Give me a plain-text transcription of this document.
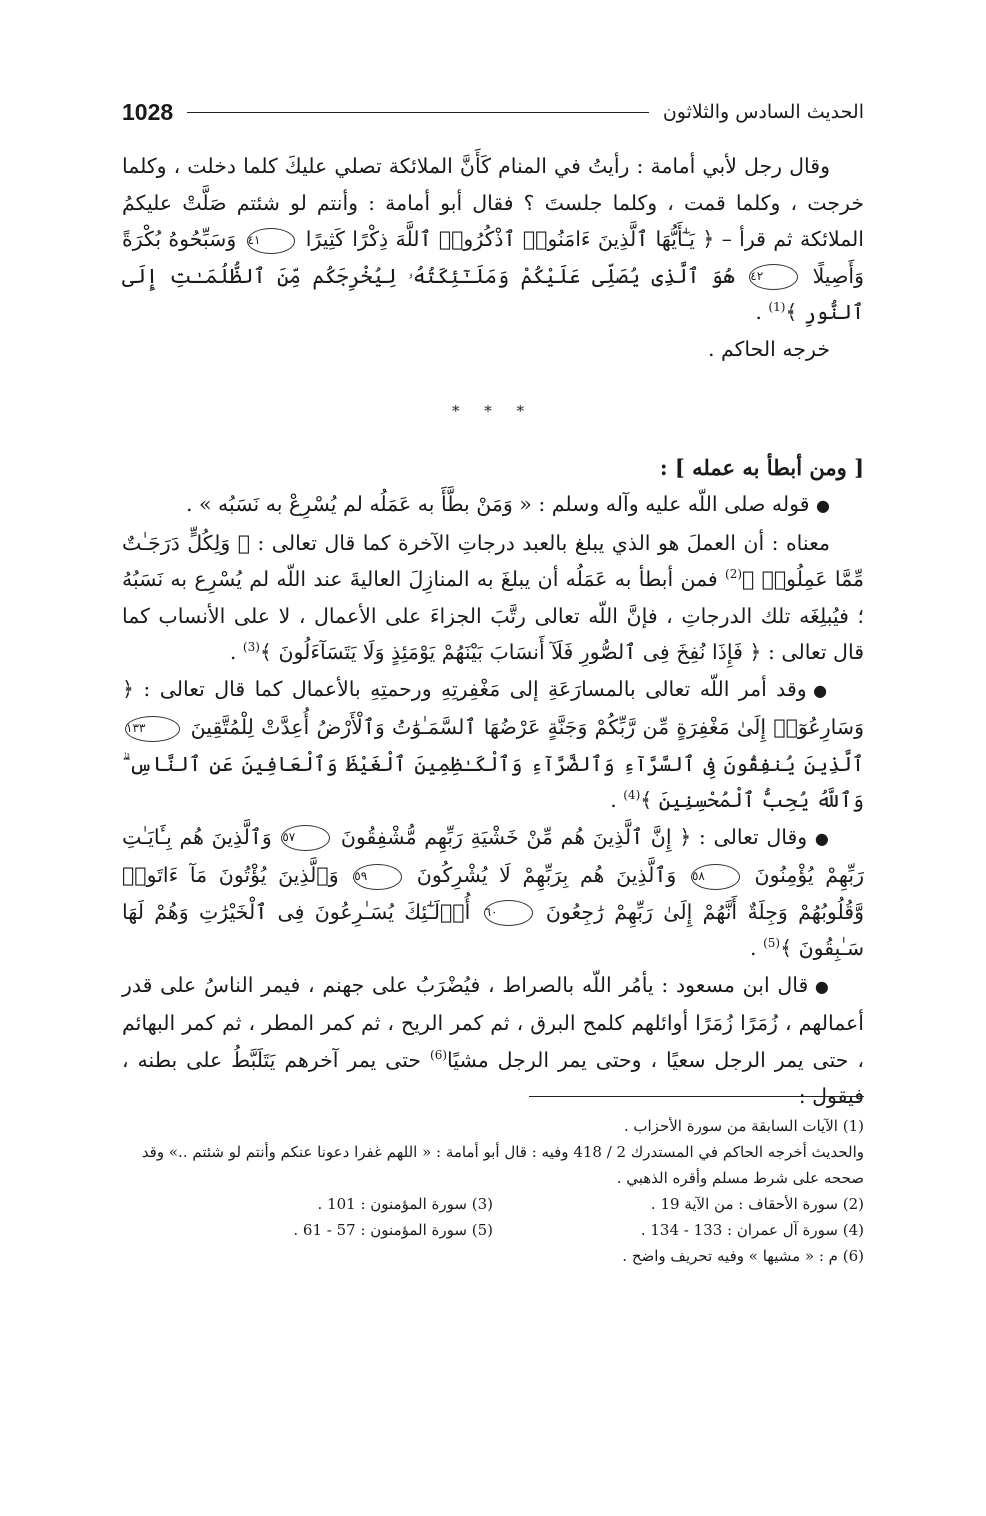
1028	الحديث السادس والثلاثون

وقال رجل لأبي أمامة : رأيتُ في المنام كَأَنَّ الملائكة تصلي عليكَ كلما دخلت ، وكلما خرجت ، وكلما قمت ، وكلما جلستَ ؟ فقال أبو أمامة : وأنتم لو شئتم صَلَّتْ عليكمُ الملائكة ثم قرأ – ﴿ يَـٰٓأَيُّهَا ٱلَّذِينَ ءَامَنُوا۟ ٱذْكُرُوا۟ ٱللَّهَ ذِكْرًا كَثِيرًا ٤١ وَسَبِّحُوهُ بُكْرَةً وَأَصِيلًا ٤٢ هُوَ ٱلَّذِى يُصَلِّى عَلَيْكُمْ وَمَلَـٰٓئِكَتُهُۥ لِيُخْرِجَكُم مِّنَ ٱلظُّلُمَـٰتِ إِلَى ٱلنُّورِ ﴾$^{(1)}$ .

خرجه الحاكم .

* * *

[ ومن أبطأ به عمله ] :

● قوله صلى اللّه عليه وآله وسلم : « وَمَنْ بطَّأَ به عَمَلُه لم يُسْرِعْ به نَسَبُه » .

معناه : أن العملَ هو الذي يبلغ بالعبد درجاتِ الآخرة كما قال تعالى : ﴿ وَلِكُلٍّ دَرَجَـٰتٌ مِّمَّا عَمِلُوا۟ ﴾$^{(2)}$ فمن أبطأ به عَمَلُه أن يبلغَ به المنازِلَ العاليةَ عند اللّه لم يُسْرِع به نَسَبُهُ ؛ فيُبلِغَه تلك الدرجاتِ ، فإنَّ اللّه تعالى رتَّبَ الجزاءَ على الأعمال ، لا على الأنساب كما قال تعالى : ﴿ فَإِذَا نُفِخَ فِى ٱلصُّورِ فَلَآ أَنسَابَ بَيْنَهُمْ يَوْمَئِذٍ وَلَا يَتَسَآءَلُونَ ﴾$^{(3)}$ .

● وقد أمر اللّه تعالى بالمسارَعَةِ إلى مَغْفِرتِهِ ورحمتِهِ بالأعمال كما قال تعالى : ﴿ وَسَارِعُوٓا۟ إِلَىٰ مَغْفِرَةٍ مِّن رَّبِّكُمْ وَجَنَّةٍ عَرْضُهَا ٱلسَّمَـٰوَٰتُ وَٱلْأَرْضُ أُعِدَّتْ لِلْمُتَّقِينَ ١٣٣ ٱلَّذِينَ يُنفِقُونَ فِى ٱلسَّرَّآءِ وَٱلضَّرَّآءِ وَٱلْكَـٰظِمِينَ ٱلْغَيْظَ وَٱلْعَافِينَ عَنِ ٱلنَّاسِ ۗ وَٱللَّهُ يُحِبُّ ٱلْمُحْسِنِينَ ﴾$^{(4)}$ .

● وقال تعالى : ﴿ إِنَّ ٱلَّذِينَ هُم مِّنْ خَشْيَةِ رَبِّهِم مُّشْفِقُونَ ٥٧ وَٱلَّذِينَ هُم بِـَٔايَـٰتِ رَبِّهِمْ يُؤْمِنُونَ ٥٨ وَٱلَّذِينَ هُم بِرَبِّهِمْ لَا يُشْرِكُونَ ٥٩ وَٱلَّذِينَ يُؤْتُونَ مَآ ءَاتَوا۟ وَّقُلُوبُهُمْ وَجِلَةٌ أَنَّهُمْ إِلَىٰ رَبِّهِمْ رَٰجِعُونَ ٦٠ أُو۟لَـٰٓئِكَ يُسَـٰرِعُونَ فِى ٱلْخَيْرَٰتِ وَهُمْ لَهَا سَـٰبِقُونَ ﴾$^{(5)}$ .

● قال ابن مسعود : يأمُر اللّه بالصراط ، فيُضْرَبُ على جهنم ، فيمر الناسُ على قدر أعمالهم ، زُمَرًا زُمَرًا أوائلهم كلمح البرق ، ثم كمر الريح ، ثم كمر المطر ، ثم كمر البهائم ، حتى يمر الرجل سعيًا ، وحتى يمر الرجل مشيًا$^{(6)}$ حتى يمر آخرهم يَتَلَبَّطُ على بطنه ، فيقول :

(1) الآيات السابقة من سورة الأحزاب .

والحديث أخرجه الحاكم في المستدرك 2 / 418 وفيه : قال أبو أمامة : « اللهم غفرا دعونا عنكم وأنتم لو شئتم ..» وقد صححه على شرط مسلم وأقره الذهبي .

(2) سورة الأحقاف : من الآية 19 .
(3) سورة المؤمنون : 101 .
(4) سورة آل عمران : 133 - 134 .
(5) سورة المؤمنون : 57 - 61 .

(6) م : « مشيها » وفيه تحريف واضح .
